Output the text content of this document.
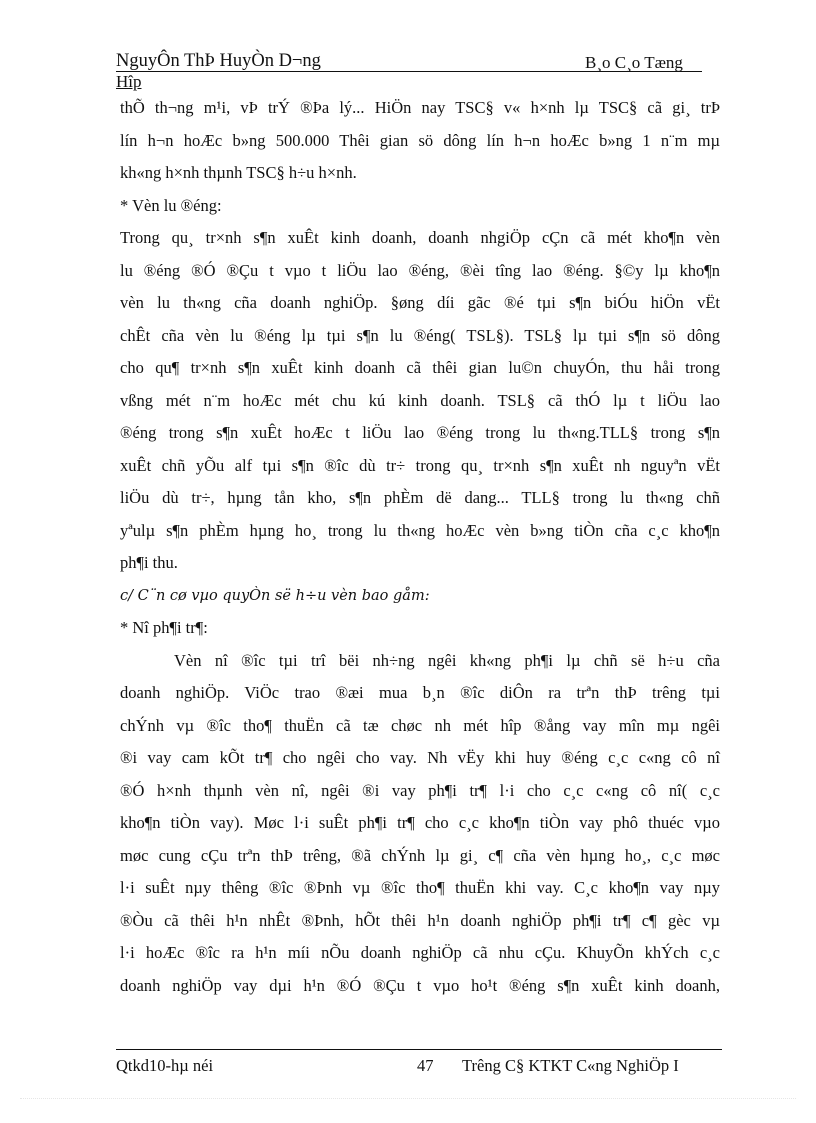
NguyÔn ThÞ HuyÒn D¬ng	B¸o C¸o Tæng
Hîp
thÕ th¬ng m¹i, vÞ trÝ ®Þa lý... HiÖn nay TSC§ v« h×nh lµ TSC§ cã gi¸ trÞ
lín h¬n hoÆc b»ng 500.000 Thêi gian sö dông lín h¬n hoÆc b»ng 1 n¨m mµ
kh«ng h×nh thµnh TSC§ h÷u h×nh.
* Vèn lu ®éng:
Trong qu¸ tr×nh s¶n xuÊt kinh doanh, doanh nhgiÖp cÇn cã mét kho¶n vèn
lu ®éng ®Ó ®Çu t vµo t liÖu lao ®éng, ®èi tîng lao ®éng. §©y lµ kho¶n
vèn lu th«ng cña doanh nghiÖp. §øng díi gãc ®é tµi s¶n biÓu hiÖn vËt
chÊt cña vèn lu ®éng lµ tµi s¶n lu ®éng( TSL§). TSL§ lµ tµi s¶n sö dông
cho qu¶ tr×nh s¶n xuÊt kinh doanh cã thêi gian lu©n chuyÓn, thu håi trong
vßng mét n¨m hoÆc mét chu kú kinh doanh. TSL§ cã thÓ lµ t liÖu lao
®éng trong s¶n xuÊt hoÆc t liÖu lao ®éng trong lu th«ng.TLL§ trong s¶n
xuÊt chñ yÕu alf tµi s¶n ®îc dù tr÷ trong qu¸ tr×nh s¶n xuÊt nh nguyªn vËt
liÖu dù tr÷, hµng tån kho, s¶n phÈm dë dang... TLL§ trong lu th«ng chñ
yªulµ s¶n phÈm hµng ho¸ trong lu th«ng hoÆc vèn b»ng tiÒn cña c¸c kho¶n
ph¶i thu.
c/ C¨n cø vµo quyÒn së h÷u vèn bao gåm:
* Nî ph¶i tr¶:
Vèn nî ®îc tµi trî bëi nh÷ng ngêi kh«ng ph¶i lµ chñ së h÷u cña
doanh nghiÖp. ViÖc trao ®æi mua b¸n ®îc diÔn ra trªn thÞ trêng tµi
chÝnh vµ ®îc tho¶ thuËn cã tæ chøc nh mét hîp ®ång vay mîn mµ ngêi
®i vay cam kÕt tr¶ cho ngêi cho vay. Nh vËy khi huy ®éng c¸c c«ng cô nî
®Ó h×nh thµnh vèn nî, ngêi ®i vay ph¶i tr¶ l·i cho c¸c c«ng cô nî( c¸c
kho¶n tiÒn vay). Møc l·i suÊt ph¶i tr¶ cho c¸c kho¶n tiÒn vay phô thuéc vµo
møc cung cÇu trªn thÞ trêng, ®ã chÝnh lµ gi¸ c¶ cña vèn hµng ho¸, c¸c møc
l·i suÊt nµy thêng ®îc ®Þnh vµ ®îc tho¶ thuËn khi vay. C¸c kho¶n vay nµy
®Òu cã thêi h¹n nhÊt ®Þnh, hÕt thêi h¹n doanh nghiÖp ph¶i tr¶ c¶ gèc vµ
l·i hoÆc ®îc ra h¹n míi nÕu doanh nghiÖp cã nhu cÇu. KhuyÕn khÝch c¸c
doanh nghiÖp vay dµi h¹n ®Ó ®Çu t vµo ho¹t ®éng s¶n xuÊt kinh doanh,
Qtkd10-hµ néi	47 Trêng C§ KTKT C«ng NghiÖp I
